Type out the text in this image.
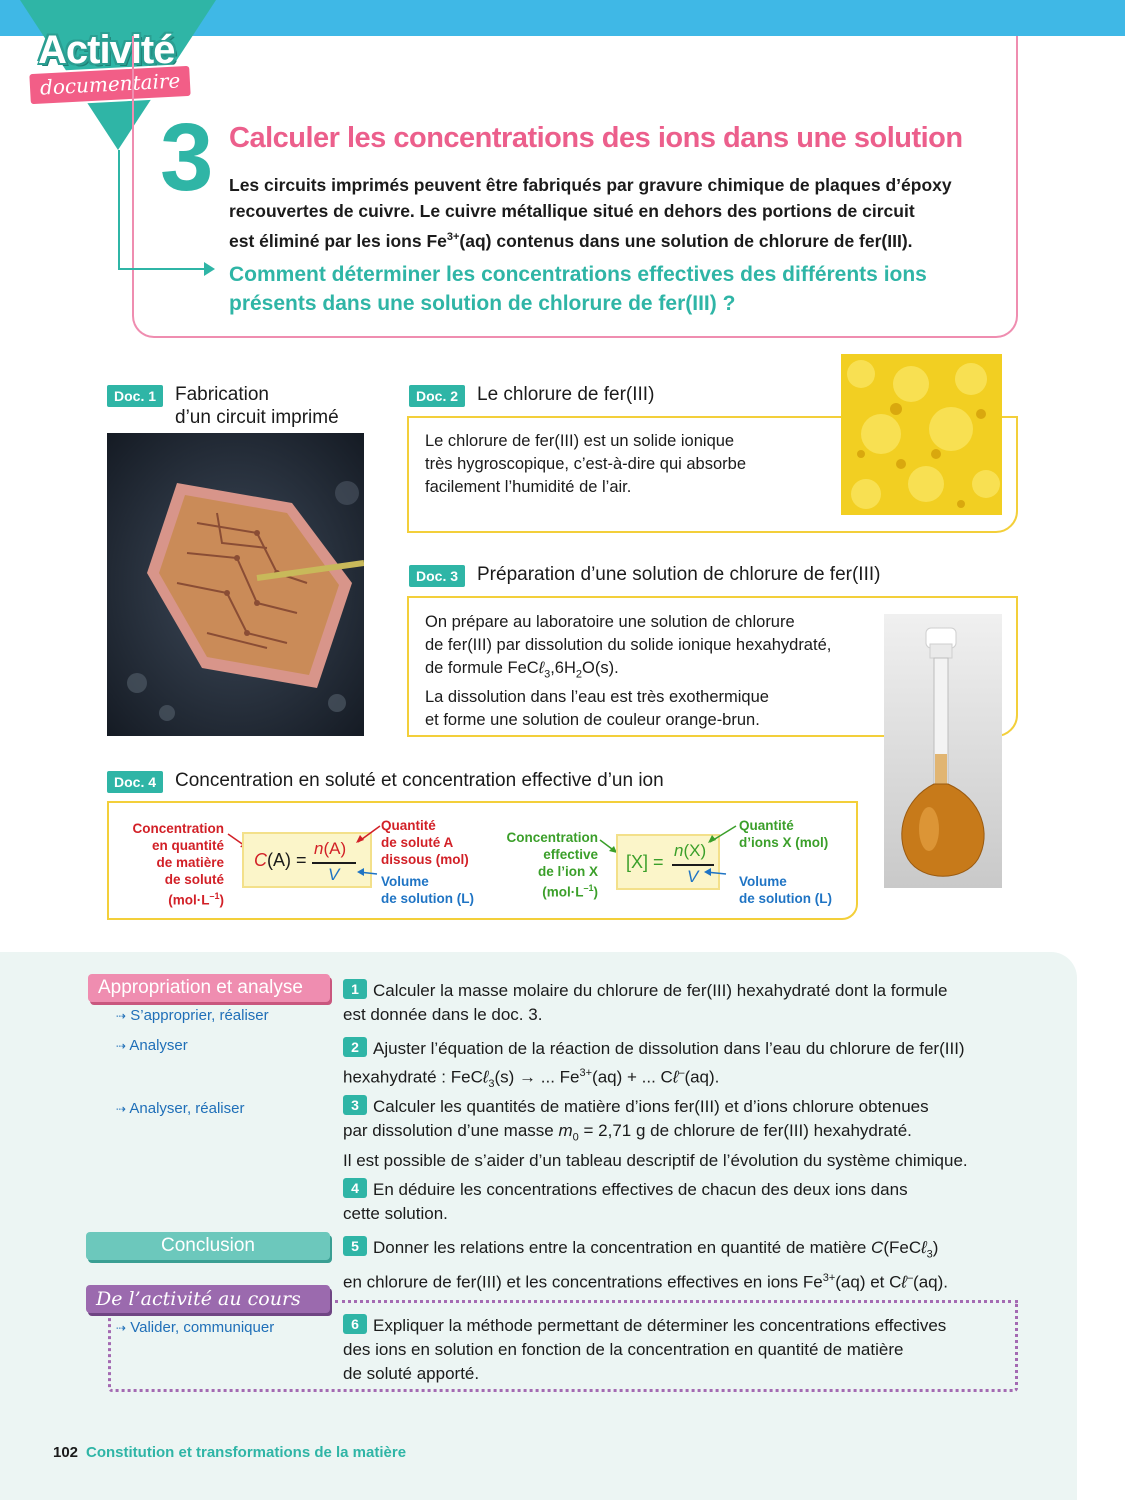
Activité
documentaire
3 Calculer les concentrations des ions dans une solution
Les circuits imprimés peuvent être fabriqués par gravure chimique de plaques d’époxy
recouvertes de cuivre. Le cuivre métallique situé en dehors des portions de circuit
est éliminé par les ions $Fe^{3+}(aq)$ contenus dans une solution de chlorure de fer(III).
Comment déterminer les concentrations effectives des différents ions
présents dans une solution de chlorure de fer(III) ?
Doc. 1 Fabrication
d’un circuit imprimé
Doc. 2 Le chlorure de fer(III)
Le chlorure de fer(III) est un solide ionique
très hygroscopique, c’est-à-dire qui absorbe
facilement l’humidité de l’air.
Doc. 3 Préparation d’une solution de chlorure de fer(III)
On prépare au laboratoire une solution de chlorure
de fer(III) par dissolution du solide ionique hexahydraté,
de formule $FeC\ell_3,6H_2O(s)$.
La dissolution dans l’eau est très exothermique
et forme une solution de couleur orange-brun.
Doc. 4 Concentration en soluté et concentration effective d’un ion
Concentration
en quantité
de matière
de soluté
$(mol\cdot L^{-1})$
C(A) =
n(A)
V
Quantité
de soluté A
dissous (mol)
Volume
de solution (L)
Concentration
effective
de l’ion X
$(mol\cdot L^{-1})$
[X] =
n(X)
V
Quantité
d’ions X (mol)
Volume
de solution (L)
Appropriation et analyse
⇢ S’approprier, réaliser
⇢ Analyser
⇢ Analyser, réaliser
1 Calculer la masse molaire du chlorure de fer(III) hexahydraté dont la formule
est donnée dans le doc. 3.
2 Ajuster l’équation de la réaction de dissolution dans l’eau du chlorure de fer(III)
hexahydraté : FeCℓ$_3$(s) → ... $Fe^{3+}(aq)$ + ... Cℓ–(aq).
3 Calculer les quantités de matière d’ions fer(III) et d’ions chlorure obtenues
par dissolution d’une masse $m_0 = 2,71$ g de chlorure de fer(III) hexahydraté.
Il est possible de s’aider d’un tableau descriptif de l’évolution du système chimique.
4 En déduire les concentrations effectives de chacun des deux ions dans
cette solution.
Conclusion	5 Donner les relations entre la concentration en quantité de matière C(FeCℓ$_3$)
en chlorure de fer(III) et les concentrations effectives en ions $Fe^{3+}(aq)$ et Cℓ–(aq).
De l’activité au cours
⇢ Valider, communiquer	6 Expliquer la méthode permettant de déterminer les concentrations effectives
des ions en solution en fonction de la concentration en quantité de matière
de soluté apporté.
102 Constitution et transformations de la matière
